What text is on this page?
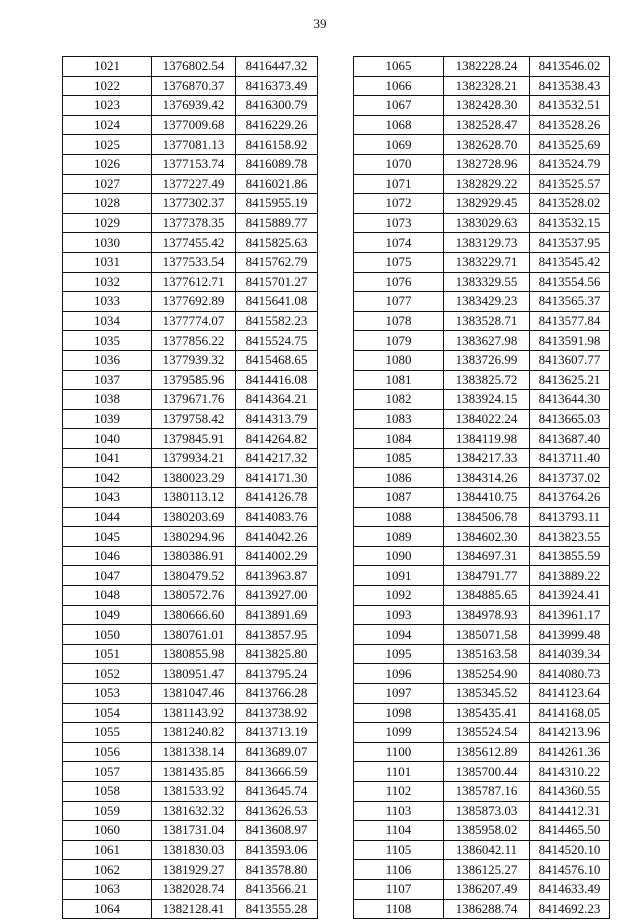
39
1021	1376802.54	8416447.32
1022	1376870.37	8416373.49
1023	1376939.42	8416300.79
1024	1377009.68	8416229.26
1025	1377081.13	8416158.92
1026	1377153.74	8416089.78
1027	1377227.49	8416021.86
1028	1377302.37	8415955.19
1029	1377378.35	8415889.77
1030	1377455.42	8415825.63
1031	1377533.54	8415762.79
1032	1377612.71	8415701.27
1033	1377692.89	8415641.08
1034	1377774.07	8415582.23
1035	1377856.22	8415524.75
1036	1377939.32	8415468.65
1037	1379585.96	8414416.08
1038	1379671.76	8414364.21
1039	1379758.42	8414313.79
1040	1379845.91	8414264.82
1041	1379934.21	8414217.32
1042	1380023.29	8414171.30
1043	1380113.12	8414126.78
1044	1380203.69	8414083.76
1045	1380294.96	8414042.26
1046	1380386.91	8414002.29
1047	1380479.52	8413963.87
1048	1380572.76	8413927.00
1049	1380666.60	8413891.69
1050	1380761.01	8413857.95
1051	1380855.98	8413825.80
1052	1380951.47	8413795.24
1053	1381047.46	8413766.28
1054	1381143.92	8413738.92
1055	1381240.82	8413713.19
1056	1381338.14	8413689.07
1057	1381435.85	8413666.59
1058	1381533.92	8413645.74
1059	1381632.32	8413626.53
1060	1381731.04	8413608.97
1061	1381830.03	8413593.06
1062	1381929.27	8413578.80
1063	1382028.74	8413566.21
1064	1382128.41	8413555.28
1065	1382228.24	8413546.02
1066	1382328.21	8413538.43
1067	1382428.30	8413532.51
1068	1382528.47	8413528.26
1069	1382628.70	8413525.69
1070	1382728.96	8413524.79
1071	1382829.22	8413525.57
1072	1382929.45	8413528.02
1073	1383029.63	8413532.15
1074	1383129.73	8413537.95
1075	1383229.71	8413545.42
1076	1383329.55	8413554.56
1077	1383429.23	8413565.37
1078	1383528.71	8413577.84
1079	1383627.98	8413591.98
1080	1383726.99	8413607.77
1081	1383825.72	8413625.21
1082	1383924.15	8413644.30
1083	1384022.24	8413665.03
1084	1384119.98	8413687.40
1085	1384217.33	8413711.40
1086	1384314.26	8413737.02
1087	1384410.75	8413764.26
1088	1384506.78	8413793.11
1089	1384602.30	8413823.55
1090	1384697.31	8413855.59
1091	1384791.77	8413889.22
1092	1384885.65	8413924.41
1093	1384978.93	8413961.17
1094	1385071.58	8413999.48
1095	1385163.58	8414039.34
1096	1385254.90	8414080.73
1097	1385345.52	8414123.64
1098	1385435.41	8414168.05
1099	1385524.54	8414213.96
1100	1385612.89	8414261.36
1101	1385700.44	8414310.22
1102	1385787.16	8414360.55
1103	1385873.03	8414412.31
1104	1385958.02	8414465.50
1105	1386042.11	8414520.10
1106	1386125.27	8414576.10
1107	1386207.49	8414633.49
1108	1386288.74	8414692.23
